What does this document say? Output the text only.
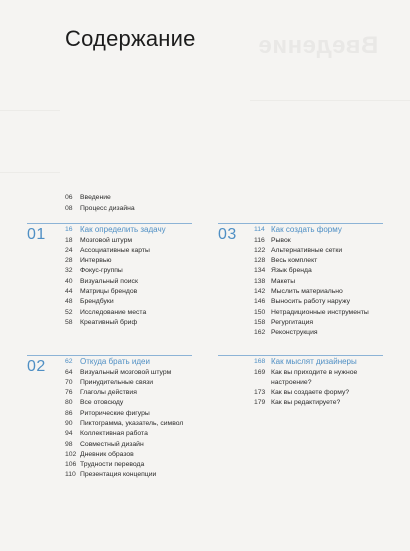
Введение
Содержание
06	Введение
08	Процесс дизайна
01	16 Как определить задачу
18	Мозговой штурм
24	Ассоциативные карты
28	Интервью
32	Фокус-группы
40	Визуальный поиск
44	Матрицы брендов
48	Брендбуки
52	Исследование места
58	Креативный бриф
03	114 Как создать форму
116 Рывок
122 Альтернативные сетки
128 Весь комплект
134 Язык бренда
138 Макеты
142 Мыслить материально
146 Выносить работу наружу
150 Нетрадиционные инструменты
158 Регургитация
162 Реконструкция
02	62 Откуда брать идеи
64	Визуальный мозговой штурм
70	Принудительные связи
76	Глаголы действия
80	Все отовсюду
86	Риторические фигуры
90	Пиктограмма, указатель, символ
94	Коллективная работа
98	Совместный дизайн
102 Дневник образов
106 Трудности перевода
110 Презентация концепции
168 Как мыслят дизайнеры
169 Как вы приходите в нужное
настроение?
173 Как вы создаете форму?
179 Как вы редактируете?
